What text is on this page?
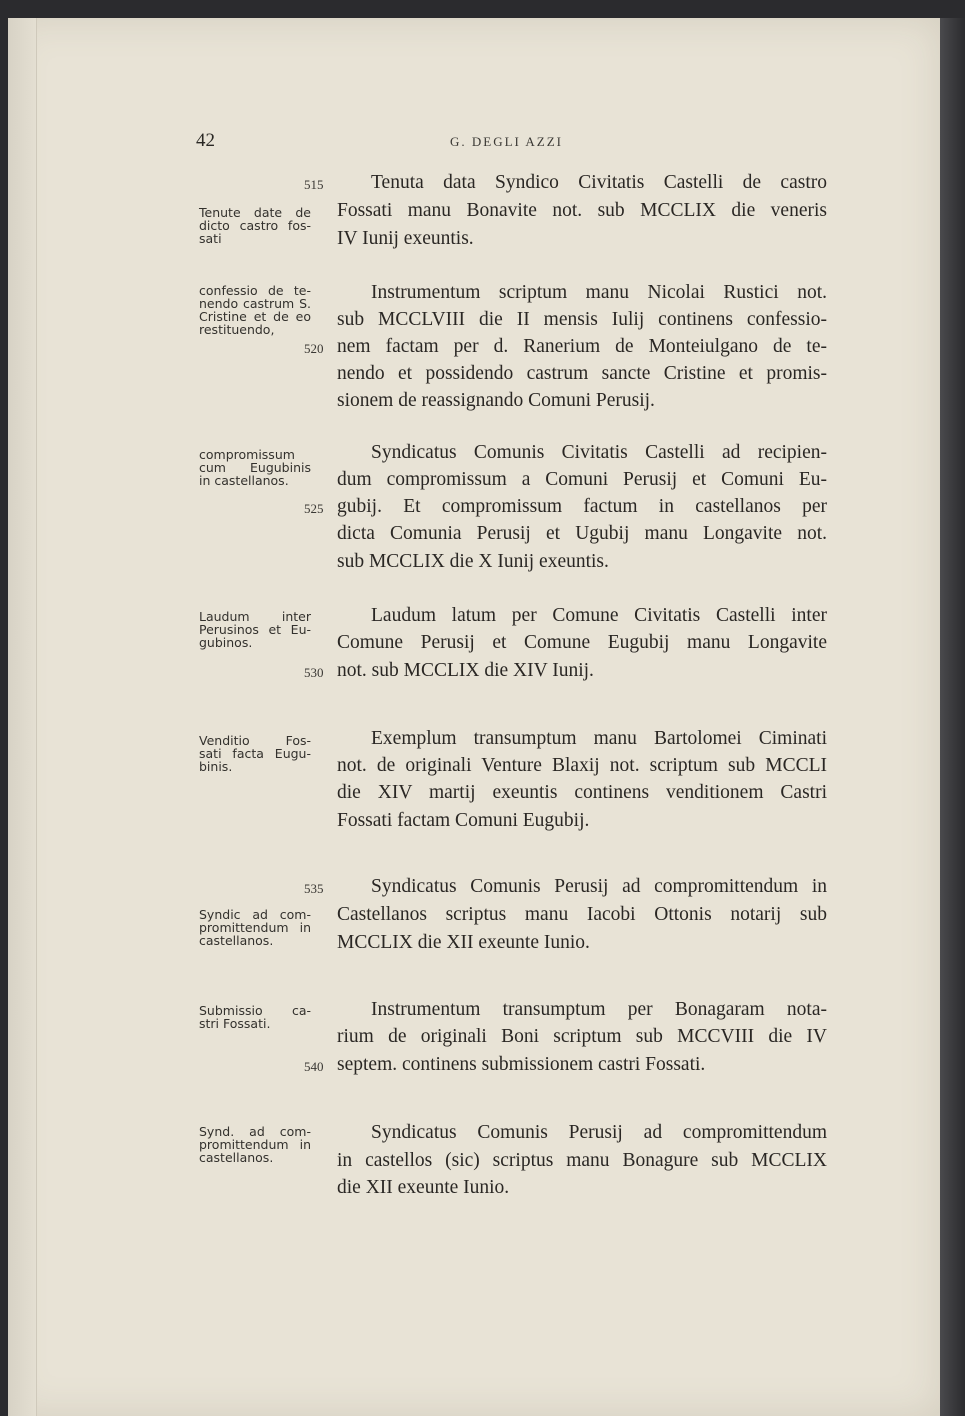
42	G. DEGLI AZZI
Tenute date de
dicto castro fos-
sati
515	Tenuta data Syndico Civitatis Castelli de castro
Fossati manu Bonavite not. sub MCCLIX die veneris
IV Iunij exeuntis.
confessio de te-
nendo castrum S.
Cristine et de eo
restituendo,
Instrumentum scriptum manu Nicolai Rustici not.
sub MCCLVIII die II mensis Iulij continens confessio-
520 nem factam per d. Ranerium de Monteiulgano de te-
nendo et possidendo castrum sancte Cristine et promis-
sionem de reassignando Comuni Perusij.
compromissum
cum Eugubinis
in castellanos.
Syndicatus Comunis Civitatis Castelli ad recipien-
dum compromissum a Comuni Perusij et Comuni Eu-
525 gubij. Et compromissum factum in castellanos per
dicta Comunia Perusij et Ugubij manu Longavite not.
sub MCCLIX die X Iunij exeuntis.
Laudum inter
Perusinos et Eu-
gubinos.
Laudum latum per Comune Civitatis Castelli inter
Comune Perusij et Comune Eugubij manu Longavite
530 not. sub MCCLIX die XIV Iunij.
Venditio Fos-
sati facta Eugu-
binis.
Exemplum transumptum manu Bartolomei Ciminati
not. de originali Venture Blaxij not. scriptum sub MCCLI
die XIV martij exeuntis continens venditionem Castri
Fossati factam Comuni Eugubij.
Syndic ad com-
promittendum in
castellanos.
535	Syndicatus Comunis Perusij ad compromittendum in
Castellanos scriptus manu Iacobi Ottonis notarij sub
MCCLIX die XII exeunte Iunio.
Submissio ca-
stri Fossati.
Instrumentum transumptum per Bonagaram nota-
rium de originali Boni scriptum sub MCCVIII die IV
540 septem. continens submissionem castri Fossati.
Synd. ad com-
promittendum in
castellanos.
Syndicatus Comunis Perusij ad compromittendum
in castellos (sic) scriptus manu Bonagure sub MCCLIX
die XII exeunte Iunio.
